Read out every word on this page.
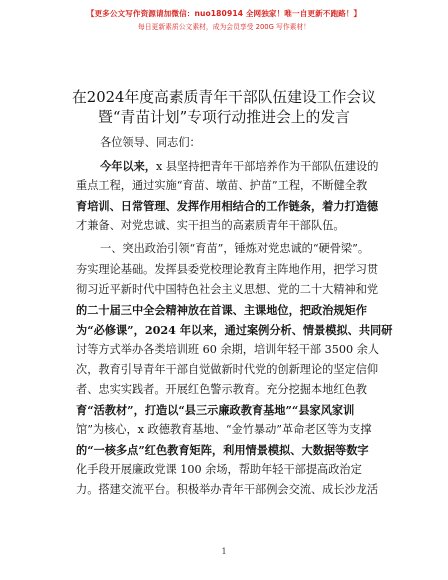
【更多公文写作资源请加微信：nuo180914 全网独家！唯一自更新不跑路！】
每日更新素质公文素材，成为会员享受 200G 写作素材！
在2024年度高素质青年干部队伍建设工作会议
暨“青苗计划”专项行动推进会上的发言
各位领导、同志们：
今年以来，x 县坚持把青年干部培养作为干部队伍建设的
重点工程，通过实施“育苗、墩苗、护苗”工程，不断健全教
育培训、日常管理、发挥作用相结合的工作链条，着力打造德
才兼备、对党忠诚、实干担当的高素质青年干部队伍。
一、突出政治引领“育苗”，锤炼对党忠诚的“硬骨梁”。
夯实理论基础。发挥县委党校理论教育主阵地作用，把学习贯
彻习近平新时代中国特色社会主义思想、党的二十大精神和党
的二十届三中全会精神放在首课、主课地位，把政治规矩作
为“必修课”，2024 年以来，通过案例分析、情景模拟、共同研
讨等方式举办各类培训班 60 余期，培训年轻干部 3500 余人
次，教育引导青年干部自觉做新时代党的创新理论的坚定信仰
者、忠实实践者。开展红色警示教育。充分挖掘本地红色教
育“活教材”，打造以“县三示廉政教育基地”“县家风家训
馆”为核心，x 政德教育基地、“金竹暴动”革命老区等为支撑
的“一核多点”红色教育矩阵，利用情景模拟、大数据等数字
化手段开展廉政党课 100 余场，帮助年轻干部提高政治定
力。搭建交流平台。积极举办青年干部例会交流、成长沙龙活
1
